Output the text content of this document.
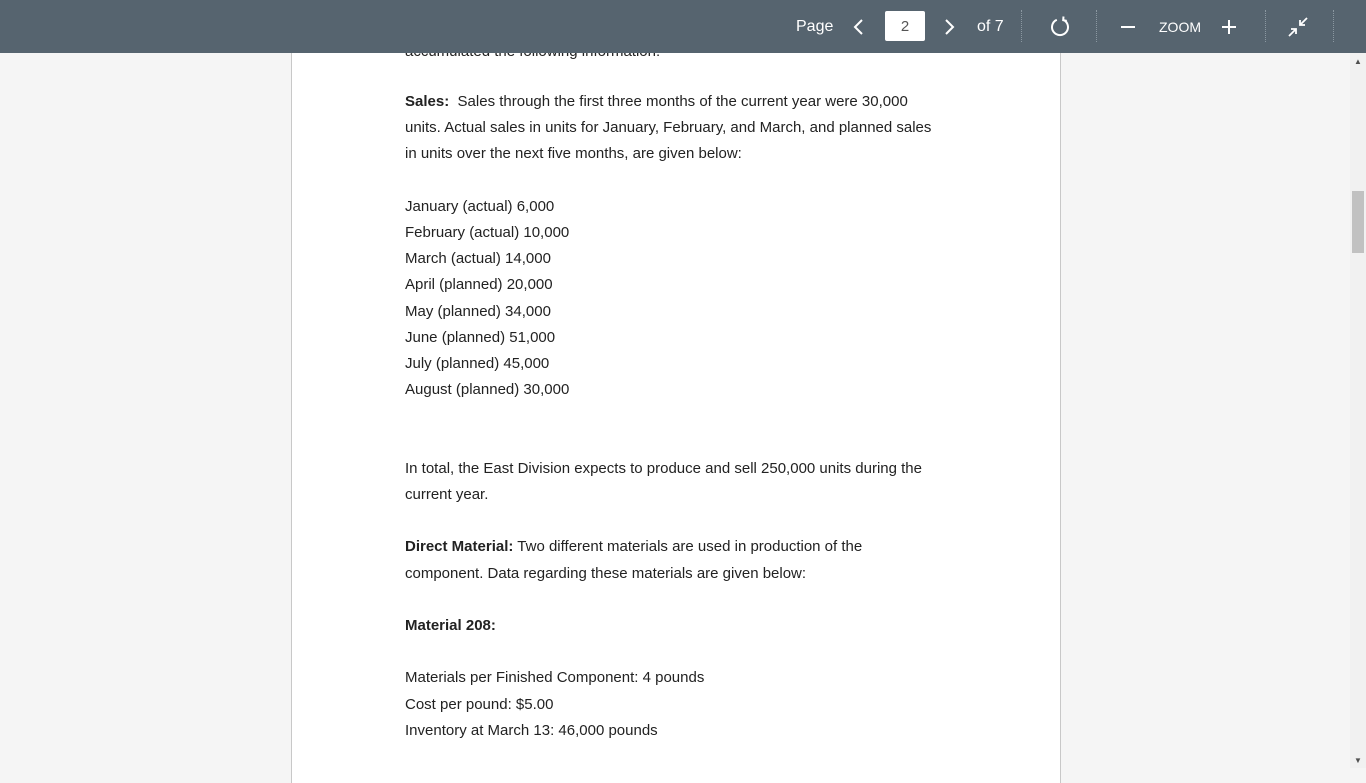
Page
2	of 7	ZOOM
Sales: Sales through the first three months of the current year were 30,000
units. Actual sales in units for January, February, and March, and planned sales
in units over the next five months, are given below:
January (actual) 6,000
February (actual) 10,000
March (actual) 14,000
April (planned) 20,000
May (planned) 34,000
June (planned) 51,000
July (planned) 45,000
August (planned) 30,000
In total, the East Division expects to produce and sell 250,000 units during the
current year.
Direct Material: Two different materials are used in production of the
component. Data regarding these materials are given below:
Material 208:
Materials per Finished Component: 4 pounds
Cost per pound: $5.00
Inventory at March 13: 46,000 pounds
▲
▼
